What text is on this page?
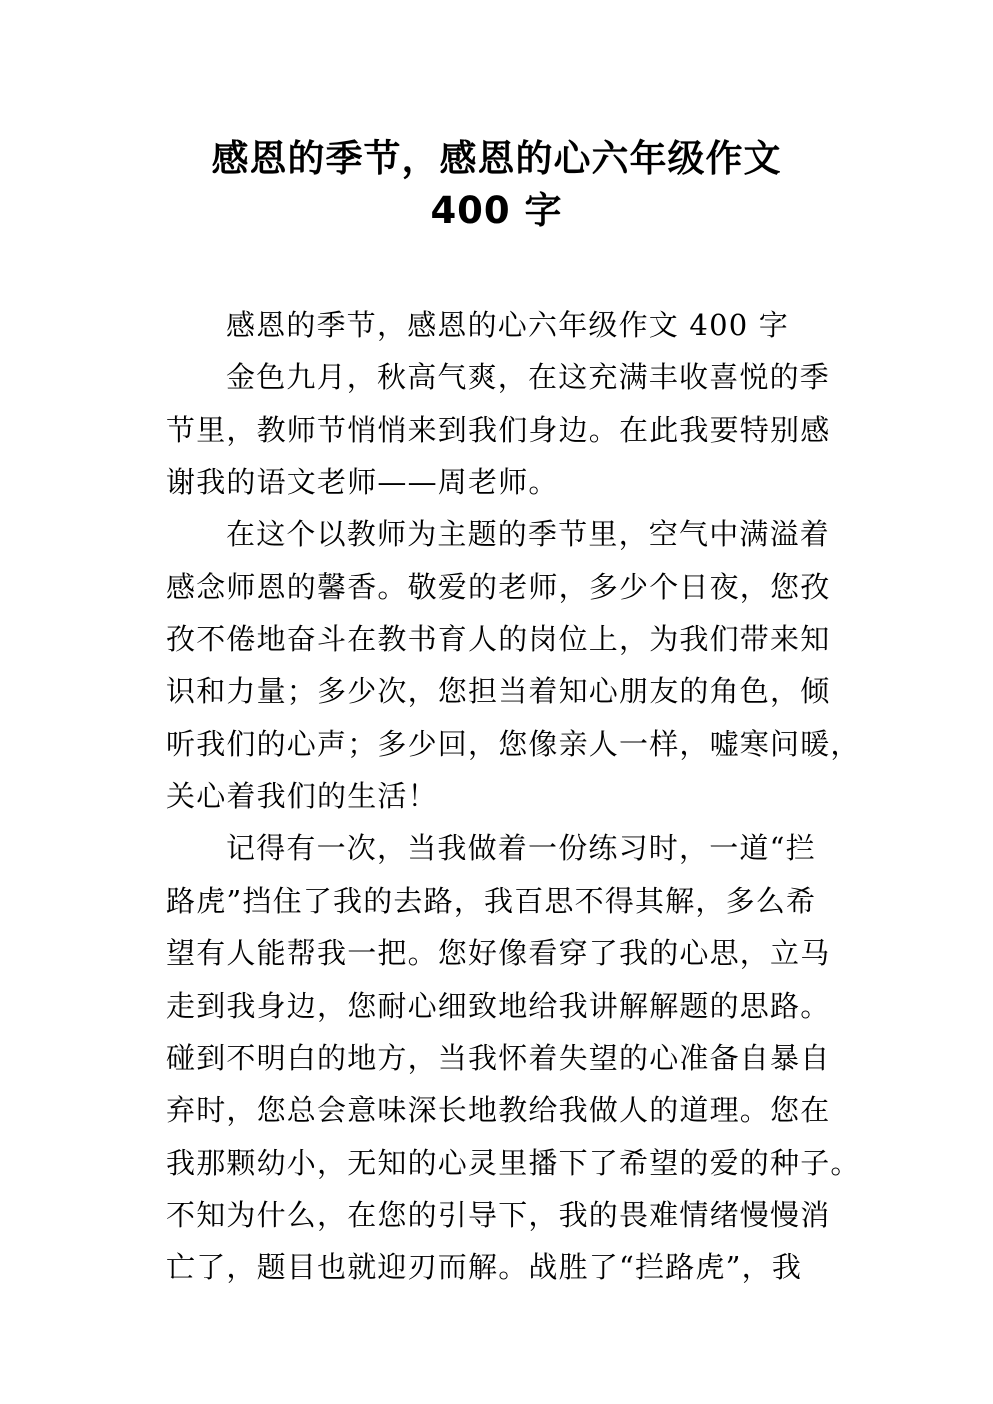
感恩的季节，感恩的心六年级作文
400 字

感恩的季节，感恩的心六年级作文 400 字

金色九月，秋高气爽，在这充满丰收喜悦的季

节里，教师节悄悄来到我们身边。在此我要特别感

谢我的语文老师——周老师。

在这个以教师为主题的季节里，空气中满溢着

感念师恩的馨香。敬爱的老师，多少个日夜，您孜

孜不倦地奋斗在教书育人的岗位上，为我们带来知

识和力量；多少次，您担当着知心朋友的角色，倾

听我们的心声；多少回，您像亲人一样，嘘寒问暖，

关心着我们的生活！

记得有一次，当我做着一份练习时，一道“拦

路虎”挡住了我的去路，我百思不得其解，多么希

望有人能帮我一把。您好像看穿了我的心思，立马

走到我身边，您耐心细致地给我讲解解题的思路。

碰到不明白的地方，当我怀着失望的心准备自暴自

弃时，您总会意味深长地教给我做人的道理。您在

我那颗幼小，无知的心灵里播下了希望的爱的种子。

不知为什么，在您的引导下，我的畏难情绪慢慢消

亡了，题目也就迎刃而解。战胜了“拦路虎”，我
